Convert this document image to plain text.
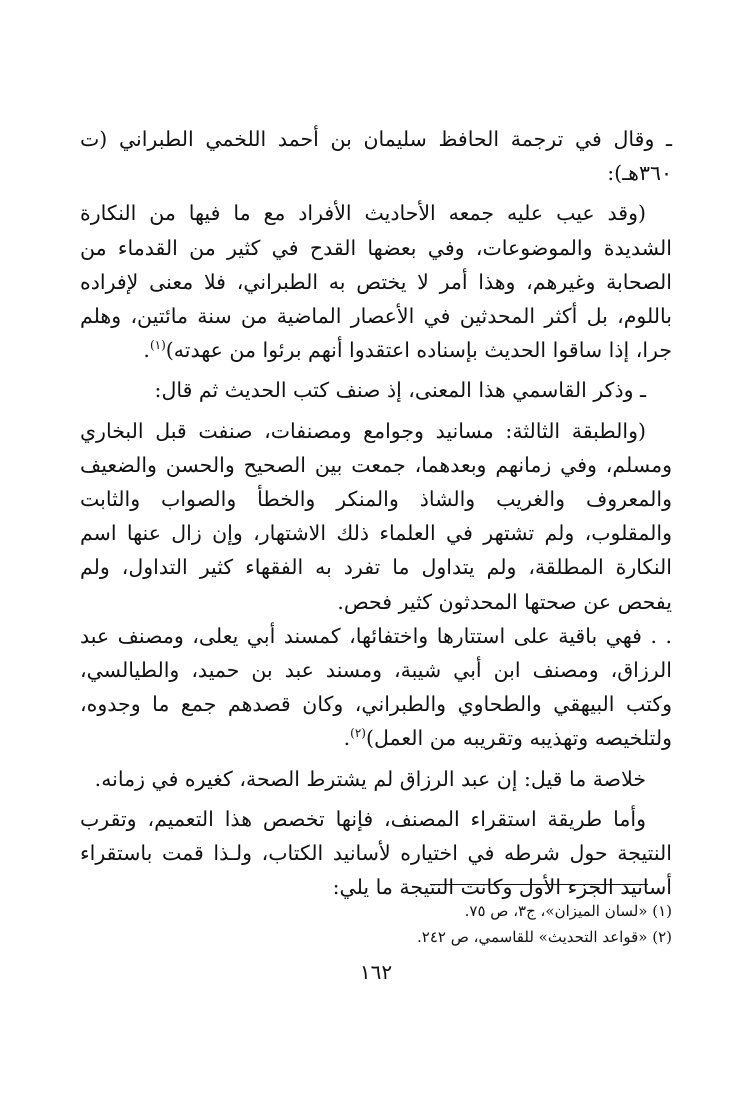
ـ وقال في ترجمة الحافظ سليمان بن أحمد اللخمي الطبراني (ت ٣٦٠هـ):

(وقد عيب عليه جمعه الأحاديث الأفراد مع ما فيها من النكارة الشديدة والموضوعات، وفي بعضها القدح في كثير من القدماء من الصحابة وغيرهم، وهذا أمر لا يختص به الطبراني، فلا معنى لإفراده باللوم، بل أكثر المحدثين في الأعصار الماضية من سنة مائتين، وهلم جرا، إذا ساقوا الحديث بإسناده اعتقدوا أنهم برئوا من عهدته)$^{(١)}$.

ـ وذكر القاسمي هذا المعنى، إذ صنف كتب الحديث ثم قال:

(والطبقة الثالثة: مسانيد وجوامع ومصنفات، صنفت قبل البخاري ومسلم، وفي زمانهم وبعدهما، جمعت بين الصحيح والحسن والضعيف والمعروف والغريب والشاذ والمنكر والخطأ والصواب والثابت والمقلوب، ولم تشتهر في العلماء ذلك الاشتهار، وإن زال عنها اسم النكارة المطلقة، ولم يتداول ما تفرد به الفقهاء كثير التداول، ولم يفحص عن صحتها المحدثون كثير فحص.

. . فهي باقية على استتارها واختفائها، كمسند أبي يعلى، ومصنف عبد الرزاق، ومصنف ابن أبي شيبة، ومسند عبد بن حميد، والطيالسي، وكتب البيهقي والطحاوي والطبراني، وكان قصدهم جمع ما وجدوه، ولتلخيصه وتهذيبه وتقريبه من العمل)$^{(٢)}$.

خلاصة ما قيل: إن عبد الرزاق لم يشترط الصحة، كغيره في زمانه.

وأما طريقة استقراء المصنف، فإنها تخصص هذا التعميم، وتقرب النتيجة حول شرطه في اختياره لأسانيد الكتاب، ولـذا قمت باستقراء أسانيد الجزء الأول وكانت النتيجة ما يلي:

(١) «لسان الميزان»، ج٣، ص ٧٥.

(٢) «قواعد التحديث» للقاسمي، ص ٢٤٢.

١٦٢
